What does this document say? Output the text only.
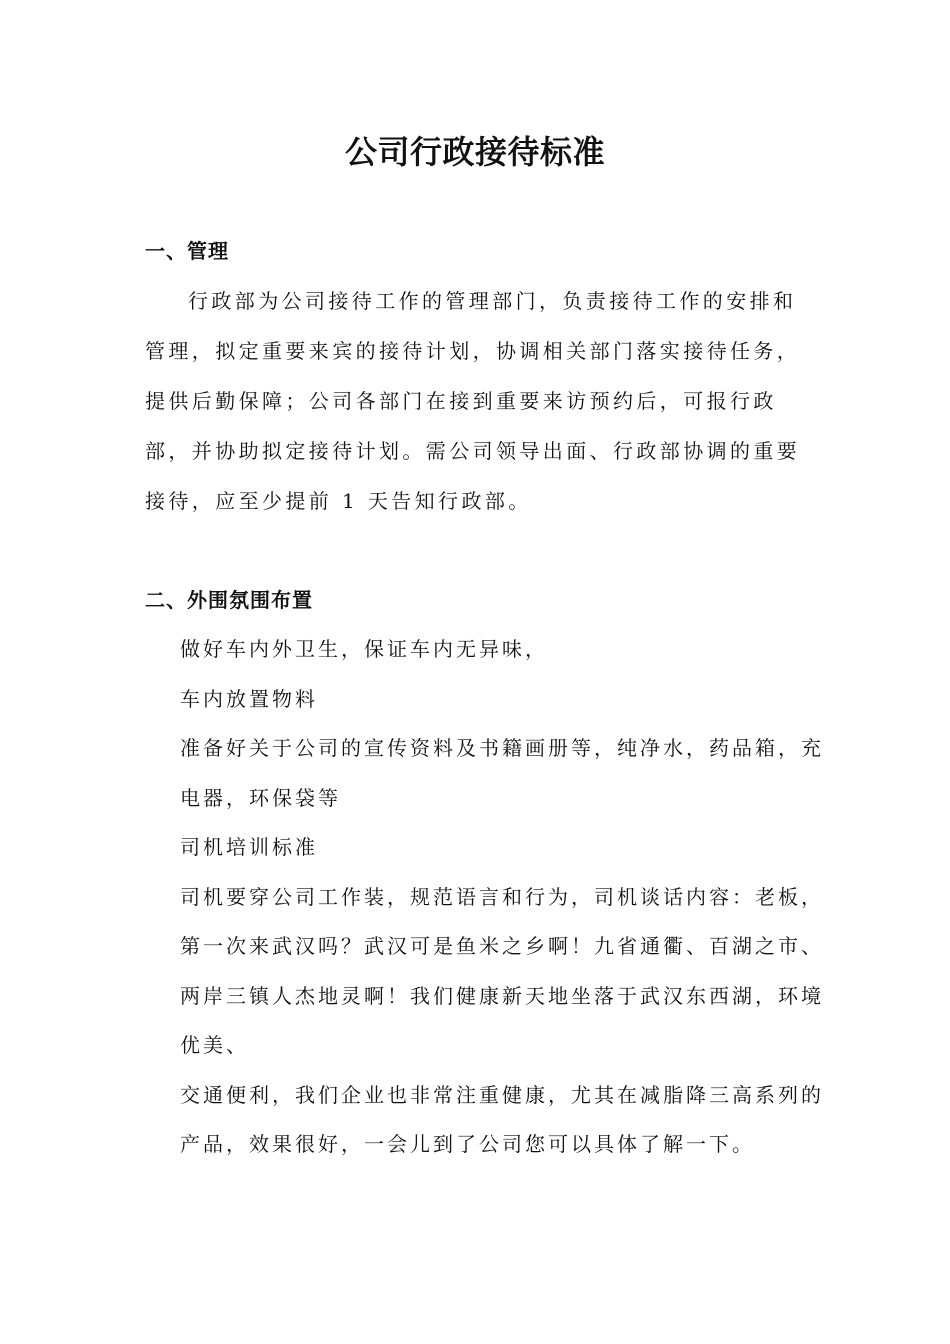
公司行政接待标准
一、管理

行政部为公司接待工作的管理部门，负责接待工作的安排和管理，拟定重要来宾的接待计划，协调相关部门落实接待任务，提供后勤保障；公司各部门在接到重要来访预约后，可报行政部，并协助拟定接待计划。需公司领导出面、行政部协调的重要接待，应至少提前 1 天告知行政部。

二、外围氛围布置
做好车内外卫生，保证车内无异味，
车内放置物料
准备好关于公司的宣传资料及书籍画册等，纯净水，药品箱，充
电器，环保袋等
司机培训标准
司机要穿公司工作装，规范语言和行为，司机谈话内容：老板，
第一次来武汉吗？武汉可是鱼米之乡啊！九省通衢、百湖之市、
两岸三镇人杰地灵啊！我们健康新天地坐落于武汉东西湖，环境
优美、
交通便利，我们企业也非常注重健康，尤其在减脂降三高系列的
产品，效果很好，一会儿到了公司您可以具体了解一下。
